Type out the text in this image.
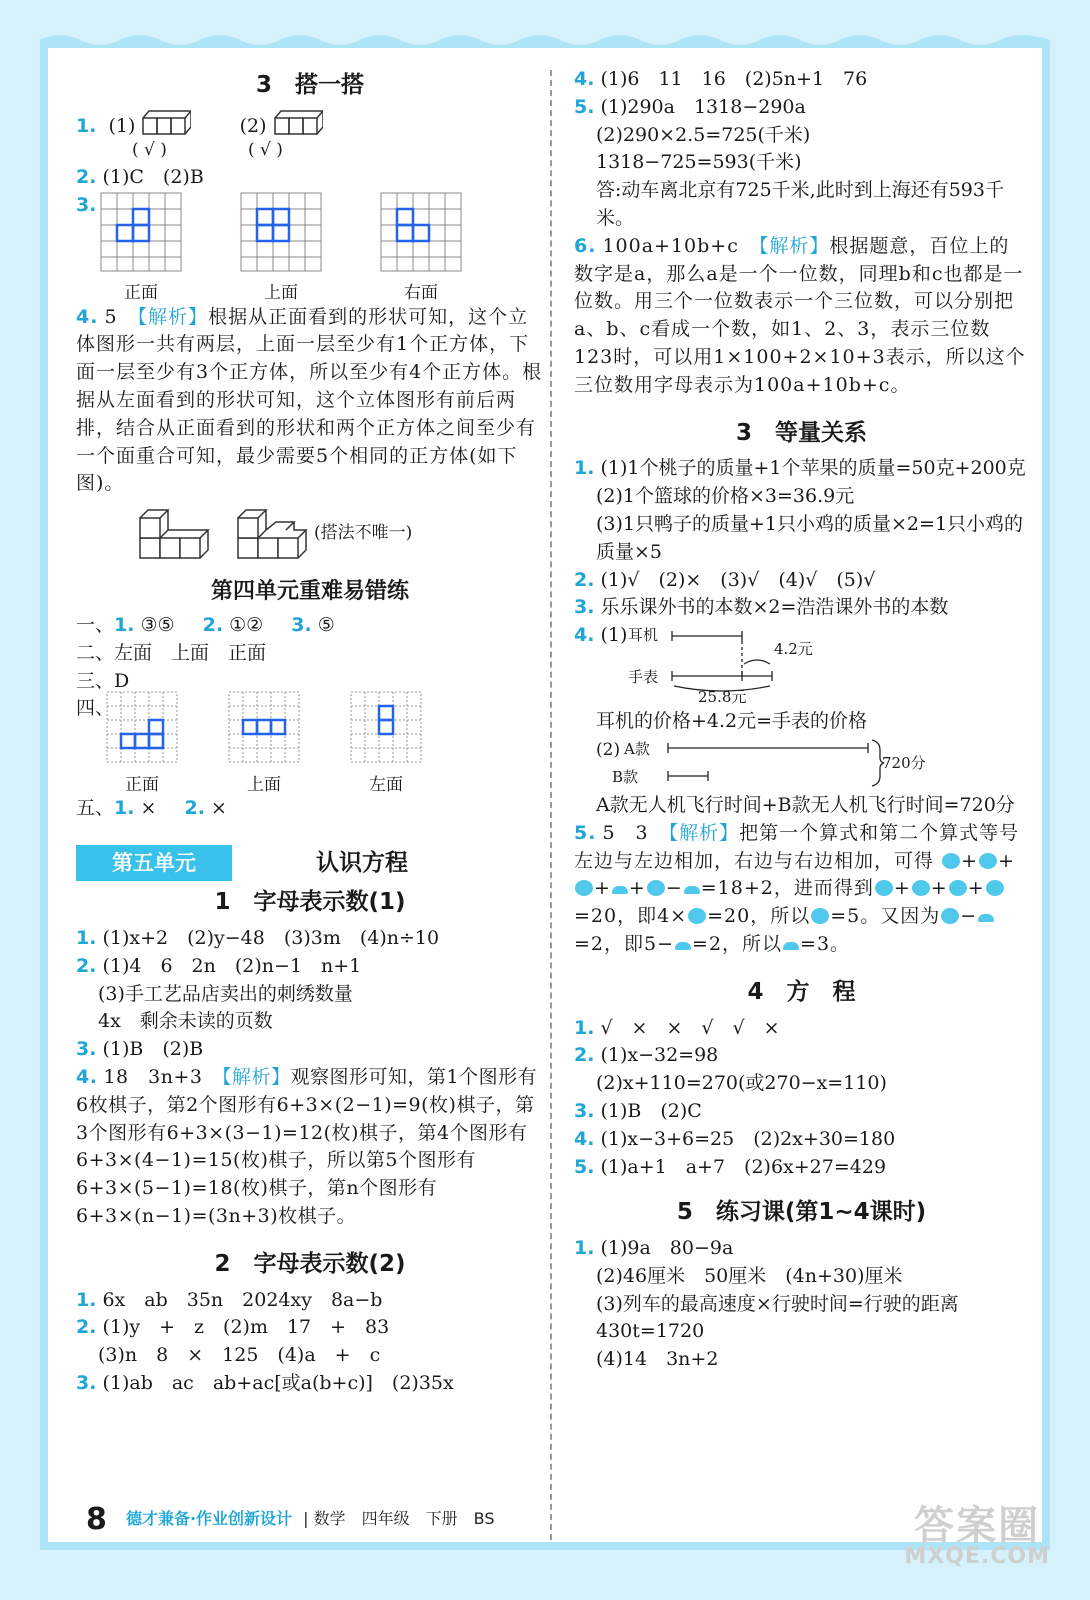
3　搭一搭
1. (1)	(2)
( √ )	( √ )
2. (1)C　(2)B
3.
正面	上面	右面
4. 5　【解析】根据从正面看到的形状可知，这个立体图形一共有两层，上面一层至少有1个正方体，下面一层至少有3个正方体，所以至少有4个正方体。根据从左面看到的形状可知，这个立体图形有前后两排，结合从正面看到的形状和两个正方体之间至少有一个面重合可知，最少需要5个相同的正方体(如下图)。
(搭法不唯一)
第四单元重难易错练
一、1. ③⑤ 2. ①② 3. ⑤
二、左面　上面　正面
三、D
四、
正面	上面	左面
五、1. × 2. ×
第五单元	认识方程
1　字母表示数(1)
1. (1)x+2　(2)y−48　(3)3m　(4)n÷10
2. (1)4　6　2n　(2)n−1　n+1
(3)手工艺品店卖出的刺绣数量
4x　剩余未读的页数
3. (1)B　(2)B
4. 18　3n+3　【解析】观察图形可知，第1个图形有6枚棋子，第2个图形有6+3×(2−1)=9(枚)棋子，第3个图形有6+3×(3−1)=12(枚)棋子，第4个图形有6+3×(4−1)=15(枚)棋子，所以第5个图形有6+3×(5−1)=18(枚)棋子，第n个图形有6+3×(n−1)=(3n+3)枚棋子。
2　字母表示数(2)
1. 6x　ab　35n　2024xy　8a−b
2. (1)y　+　z　(2)m　17　+　83
(3)n　8　×　125　(4)a　+　c
3. (1)ab　ac　ab+ac[或a(b+c)]　(2)35x
4. (1)6　11　16　(2)5n+1　76
5. (1)290a　1318−290a
(2)290×2.5=725(千米)
1318−725=593(千米)
答:动车离北京有725千米,此时到上海还有593千米。
6. 100a+10b+c　【解析】根据题意，百位上的数字是a，那么a是一个一位数，同理b和c也都是一位数。用三个一位数表示一个三位数，可以分别把a、b、c看成一个数，如1、2、3，表示三位数123时，可以用1×100+2×10+3表示，所以这个三位数用字母表示为100a+10b+c。
3　等量关系
1. (1)1个桃子的质量+1个苹果的质量=50克+200克
(2)1个篮球的价格×3=36.9元
(3)1只鸭子的质量+1只小鸡的质量×2=1只小鸡的质量×5
2. (1)√　(2)×　(3)√　(4)√　(5)√
3. 乐乐课外书的本数×2=浩浩课外书的本数
4. (1) 耳机
手表
4.2元
25.8元
耳机的价格+4.2元=手表的价格
(2) A款
B款
720分
A款无人机飞行时间+B款无人机飞行时间=720分
5. 5　3　【解析】把第一个算式和第二个算式等号左边与左边相加，右边与右边相加，可得 + ++ + − =18+2，进而得到 + + +=20，即4× =20，所以 =5。又因为 −=2，即5− =2，所以 =3。
4　方　程
1. √　×　×　√　√　×
2. (1)x−32=98
(2)x+110=270(或270−x=110)
3. (1)B　(2)C
4. (1)x−3+6=25　(2)2x+30=180
5. (1)a+1　a+7　(2)6x+27=429
5　练习课(第1~4课时)
1. (1)9a　80−9a
(2)46厘米　50厘米　(4n+30)厘米
(3)列车的最高速度×行驶时间=行驶的距离　430t=1720
(4)14　3n+2
8 德才兼备·作业创新设计 | 数学　四年级　下册　BS	答案圈
MXQE.COM
